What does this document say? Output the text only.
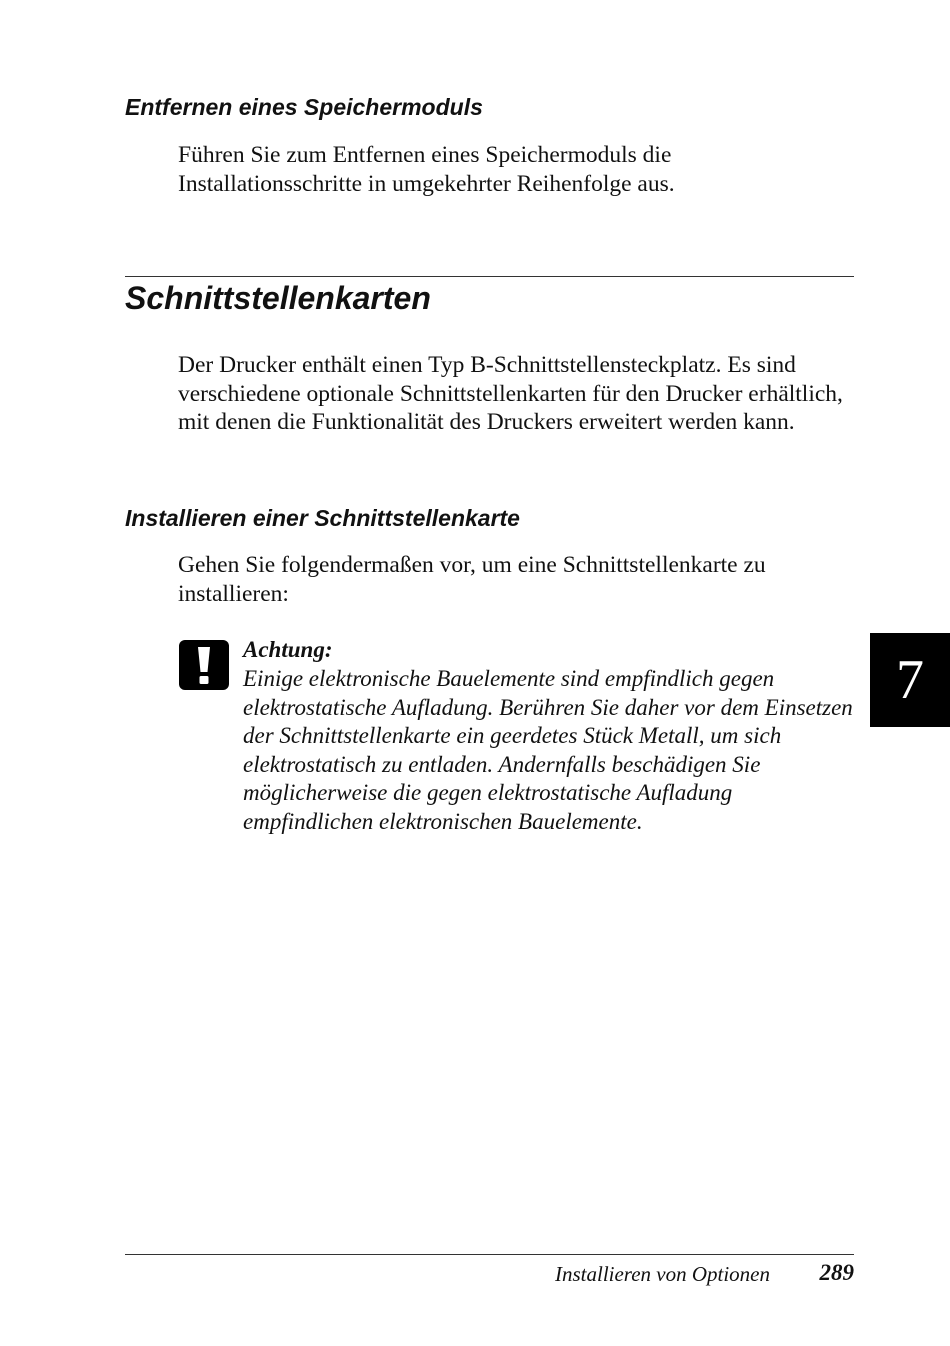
Entfernen eines Speichermoduls

Führen Sie zum Entfernen eines Speichermoduls die Installationsschritte in umgekehrter Reihenfolge aus.

Schnittstellenkarten

Der Drucker enthält einen Typ B-Schnittstellensteckplatz. Es sind verschiedene optionale Schnittstellenkarten für den Drucker erhältlich, mit denen die Funktionalität des Druckers erweitert werden kann.

Installieren einer Schnittstellenkarte

Gehen Sie folgendermaßen vor, um eine Schnittstellenkarte zu installieren:

Achtung:

Einige elektronische Bauelemente sind empfindlich gegen elektrostatische Aufladung. Berühren Sie daher vor dem Einsetzen der Schnittstellenkarte ein geerdetes Stück Metall, um sich elektrostatisch zu entladen. Andernfalls beschädigen Sie möglicherweise die gegen elektrostatische Aufladung empfindlichen elektronischen Bauelemente.

7
Installieren von Optionen 289
